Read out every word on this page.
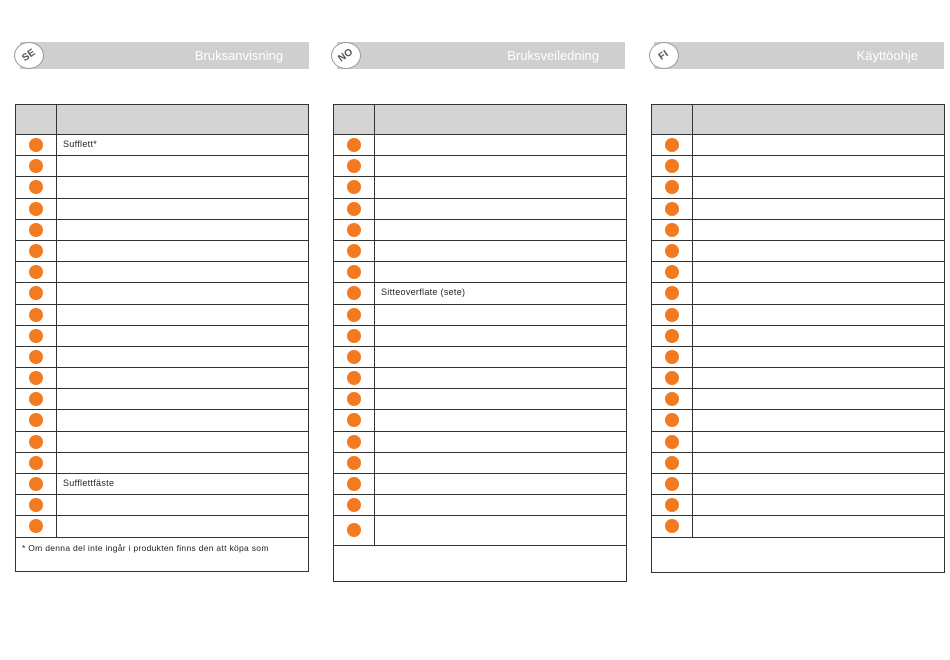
Bruksanvisning
SE
Sufflett*
Sufflettfäste
* Om denna del inte ingår i produkten finns den att köpa som
Bruksveiledning
NO
Sitteoverflate (sete)
Käyttöohje
FI
